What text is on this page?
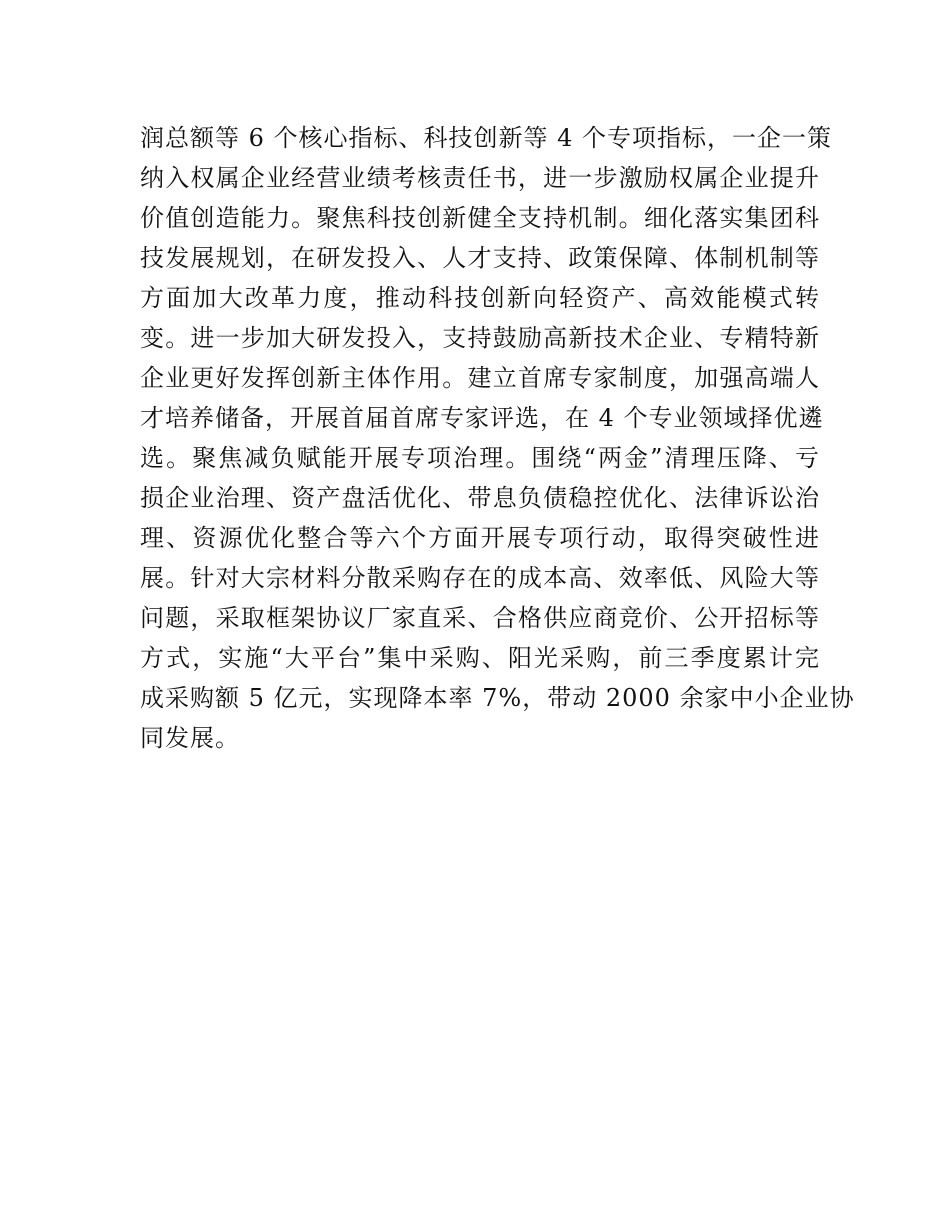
润总额等 6 个核心指标、科技创新等 4 个专项指标，一企一策
纳入权属企业经营业绩考核责任书，进一步激励权属企业提升
价值创造能力。聚焦科技创新健全支持机制。细化落实集团科
技发展规划，在研发投入、人才支持、政策保障、体制机制等
方面加大改革力度，推动科技创新向轻资产、高效能模式转
变。进一步加大研发投入，支持鼓励高新技术企业、专精特新
企业更好发挥创新主体作用。建立首席专家制度，加强高端人
才培养储备，开展首届首席专家评选，在 4 个专业领域择优遴
选。聚焦减负赋能开展专项治理。围绕“两金”清理压降、亏
损企业治理、资产盘活优化、带息负债稳控优化、法律诉讼治
理、资源优化整合等六个方面开展专项行动，取得突破性进
展。针对大宗材料分散采购存在的成本高、效率低、风险大等
问题，采取框架协议厂家直采、合格供应商竞价、公开招标等
方式，实施“大平台”集中采购、阳光采购，前三季度累计完
成采购额 5 亿元，实现降本率 7%，带动 2000 余家中小企业协
同发展。
